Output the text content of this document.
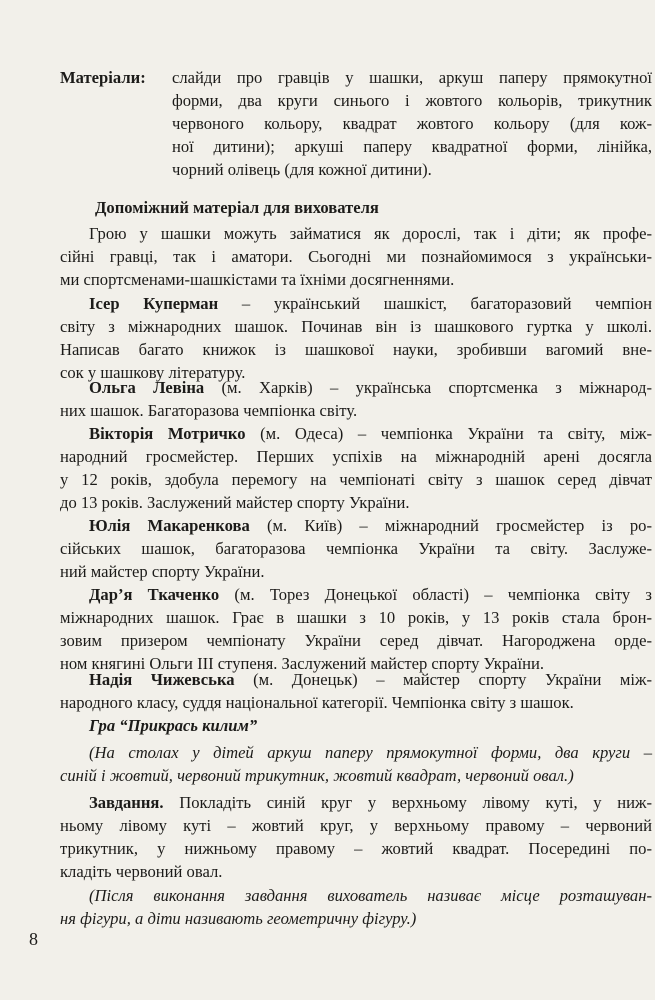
Матеріали:	слайди про гравців у шашки, аркуш паперу прямокутної
форми, два круги синього і жовтого кольорів, трикутник
червоного кольору, квадрат жовтого кольору (для кож-
ної дитини); аркуші паперу квадратної форми, лінійка,
чорний олівець (для кожної дитини).
Допоміжний матеріал для вихователя
Грою у шашки можуть займатися як дорослі, так і діти; як профе-
сійні гравці, так і аматори. Сьогодні ми познайомимося з українськи-
ми спортсменами-шашкістами та їхніми досягненнями.
Ісер Куперман – український шашкіст, багаторазовий чемпіон
світу з міжнародних шашок. Починав він із шашкового гуртка у школі.
Написав багато книжок із шашкової науки, зробивши вагомий вне-
сок у шашкову літературу.
Ольга Левіна (м. Харків) – українська спортсменка з міжнарод-
них шашок. Багаторазова чемпіонка світу.
Вікторія Мотричко (м. Одеса) – чемпіонка України та світу, між-
народний гросмейстер. Перших успіхів на міжнародній арені досягла
у 12 років, здобула перемогу на чемпіонаті світу з шашок серед дівчат
до 13 років. Заслужений майстер спорту України.
Юлія Макаренкова (м. Київ) – міжнародний гросмейстер із ро-
сійських шашок, багаторазова чемпіонка України та світу. Заслуже-
ний майстер спорту України.
Дар’я Ткаченко (м. Торез Донецької області) – чемпіонка світу з
міжнародних шашок. Грає в шашки з 10 років, у 13 років стала брон-
зовим призером чемпіонату України серед дівчат. Нагороджена орде-
ном княгині Ольги III ступеня. Заслужений майстер спорту України.
Надія Чижевська (м. Донецьк) – майстер спорту України між-
народного класу, суддя національної категорії. Чемпіонка світу з шашок.
Гра “Прикрась килим”
(На столах у дітей аркуш паперу прямокутної форми, два круги –
синій і жовтий, червоний трикутник, жовтий квадрат, червоний овал.)
Завдання. Покладіть синій круг у верхньому лівому куті, у ниж-
ньому лівому куті – жовтий круг, у верхньому правому – червоний
трикутник, у нижньому правому – жовтий квадрат. Посередині по-
кладіть червоний овал.
(Після виконання завдання вихователь називає місце розташуван-
ня фігури, а діти називають геометричну фігуру.)
8
